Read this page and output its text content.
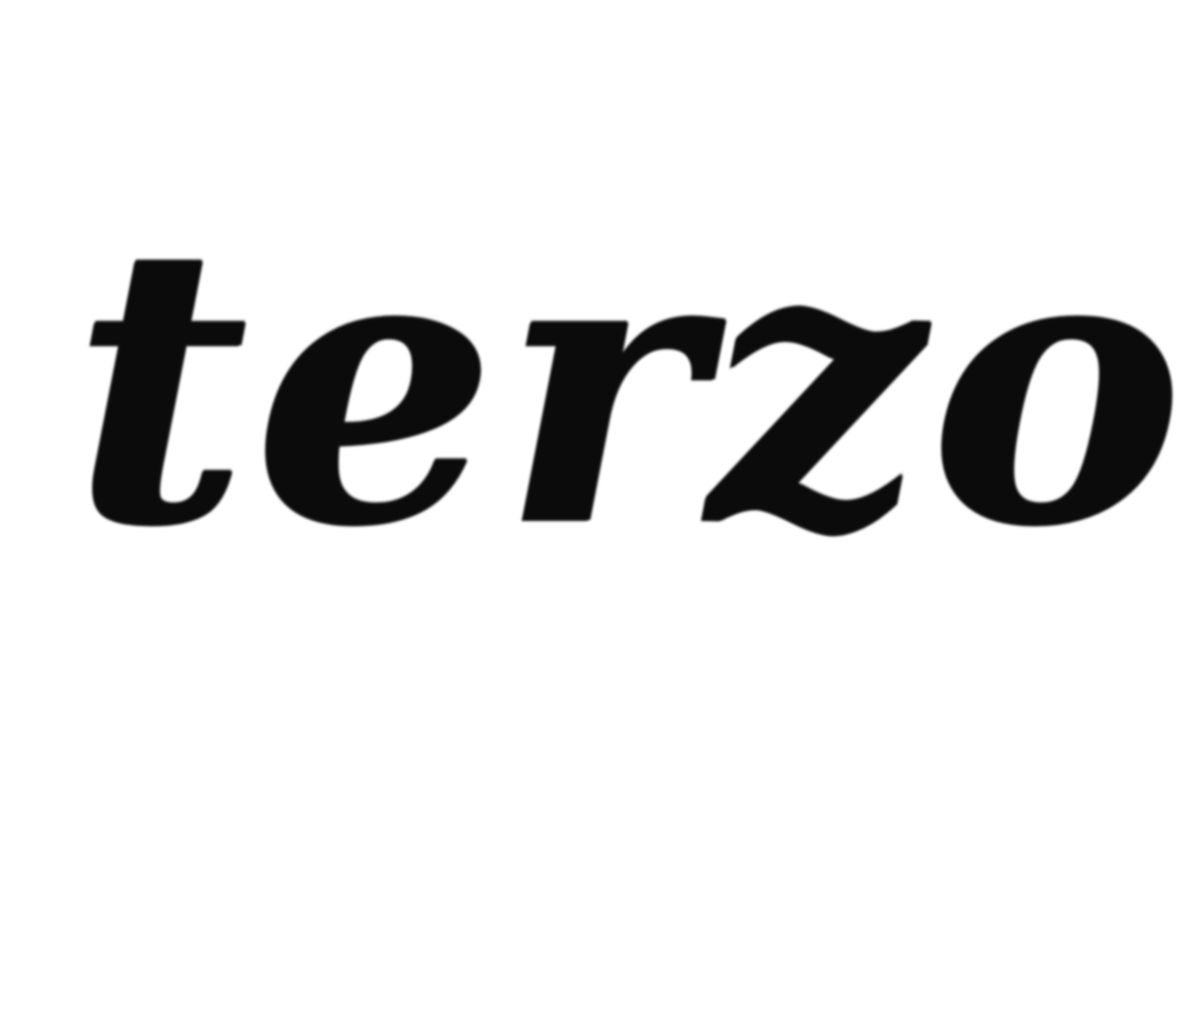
terzo
